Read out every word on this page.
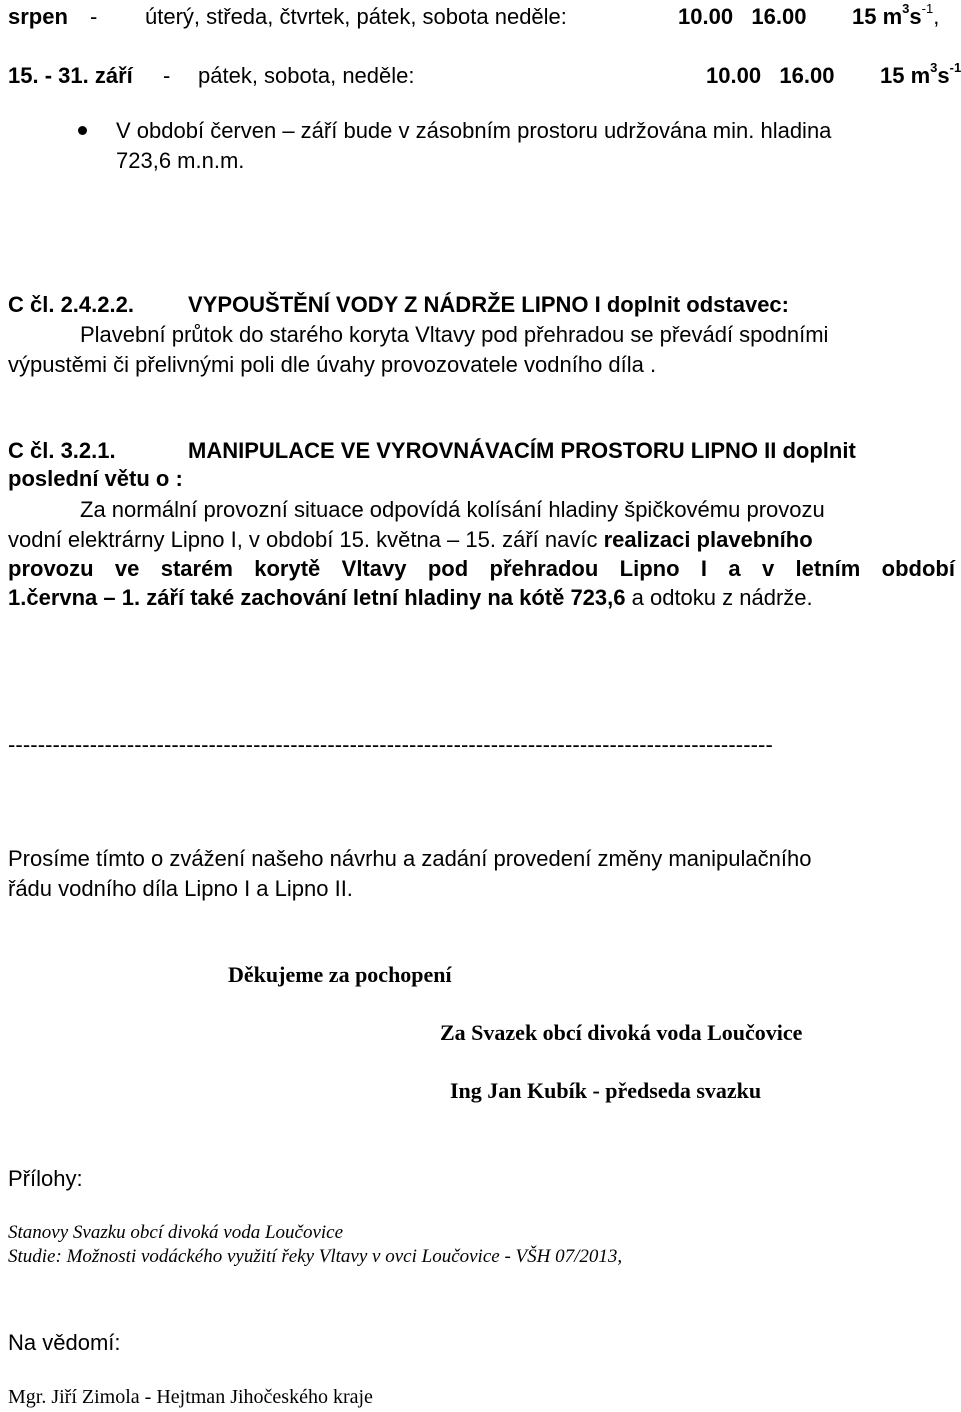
srpen - úterý, středa, čtvrtek, pátek, sobota neděle:	10.00   16.00 15 $m^3s^{-1}$,
15. - 31. září - pátek, sobota, neděle:	10.00   16.00 15 $m^3s^{-1}$
V období červen – září bude v zásobním prostoru udržována min. hladina
723,6 m.n.m.
C čl. 2.4.2.2. VYPOUŠTĚNÍ VODY Z NÁDRŽE LIPNO I doplnit odstavec:
Plavební průtok do starého koryta Vltavy pod přehradou se převádí spodními
výpustěmi či přelivnými poli dle úvahy provozovatele vodního díla .
C čl. 3.2.1.	MANIPULACE VE VYROVNÁVACÍM PROSTORU LIPNO II doplnit
poslední větu o :
Za normální provozní situace odpovídá kolísání hladiny špičkovému provozu
vodní elektrárny Lipno I, v období 15. května – 15. září navíc realizaci plavebního
provozu ve starém korytě Vltavy pod přehradou Lipno I a v letním období
1.června – 1. září také zachování letní hladiny na kótě 723,6 a odtoku z nádrže.
-------------------------------------------------------------------------------------------------------
Prosíme tímto o zvážení našeho návrhu a zadání provedení změny manipulačního
řádu vodního díla Lipno I a Lipno II.
Děkujeme za pochopení
Za Svazek obcí divoká voda Loučovice
Ing Jan Kubík - předseda svazku
Přílohy:
Stanovy Svazku obcí divoká voda Loučovice
Studie: Možnosti vodáckého využití řeky Vltavy v ovci Loučovice - VŠH 07/2013,
Na vědomí:
Mgr. Jiří Zimola - Hejtman Jihočeského kraje
